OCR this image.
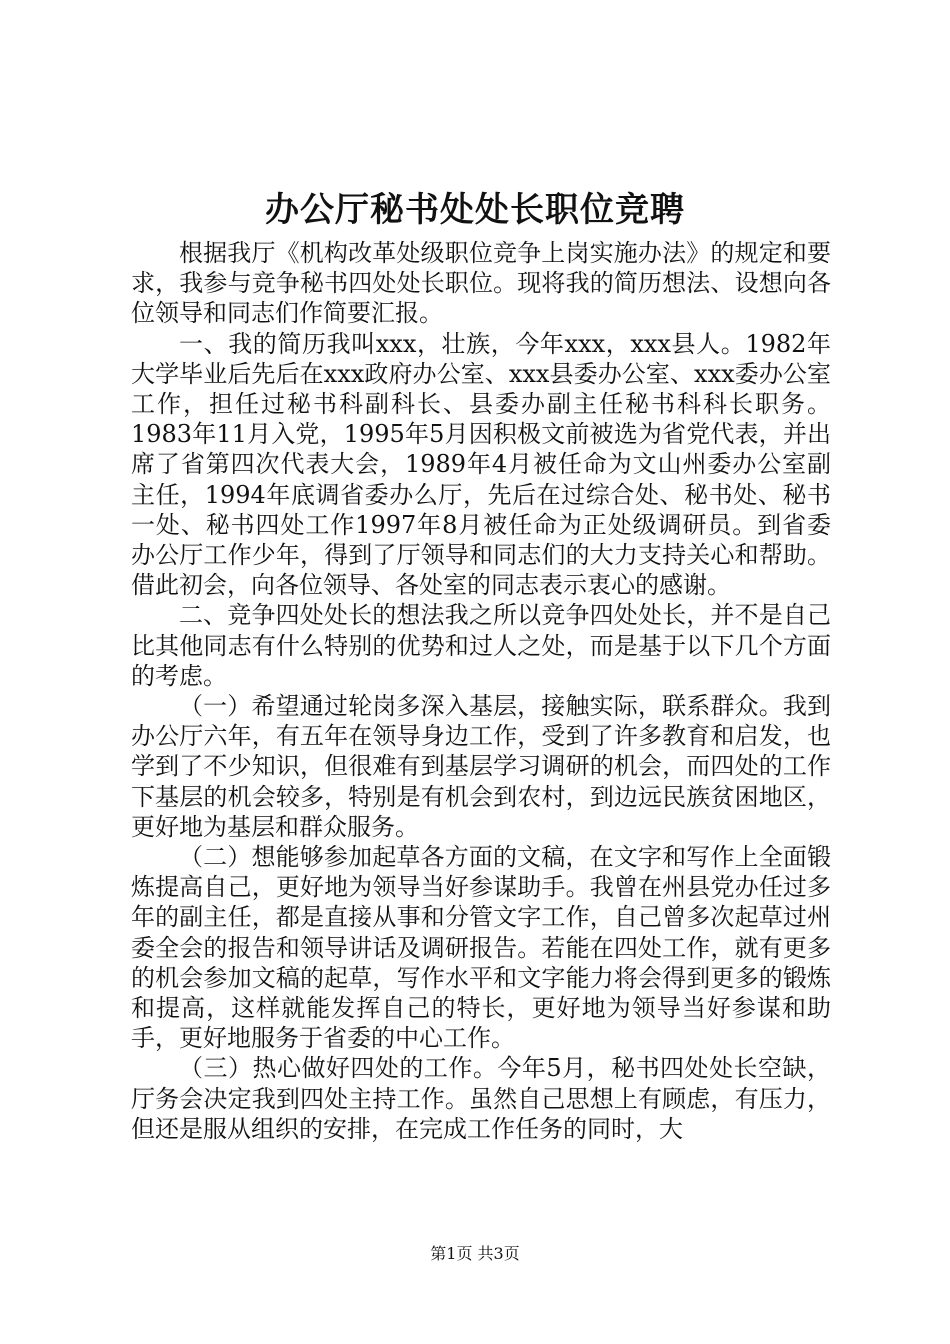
办公厅秘书处处长职位竞聘

根据我厅《机构改革处级职位竞争上岗实施办法》的规定和要求，我参与竞争秘书四处处长职位。现将我的简历想法、设想向各位领导和同志们作简要汇报。

一、我的简历我叫xxx，壮族，今年xxx，xxx县人。1982年大学毕业后先后在xxx政府办公室、xxx县委办公室、xxx委办公室工作，担任过秘书科副科长、县委办副主任秘书科科长职务。1983年11月入党，1995年5月因积极文前被选为省党代表，并出席了省第四次代表大会，1989年4月被任命为文山州委办公室副主任，1994年底调省委办么厅，先后在过综合处、秘书处、秘书一处、秘书四处工作1997年8月被任命为正处级调研员。到省委办公厅工作少年，得到了厅领导和同志们的大力支持关心和帮助。借此初会，向各位领导、各处室的同志表示衷心的感谢。

二、竞争四处处长的想法我之所以竞争四处处长，并不是自己比其他同志有什么特别的优势和过人之处，而是基于以下几个方面的考虑。

（一）希望通过轮岗多深入基层，接触实际，联系群众。我到办公厅六年，有五年在领导身边工作，受到了许多教育和启发，也学到了不少知识，但很难有到基层学习调研的机会，而四处的工作下基层的机会较多，特别是有机会到农村，到边远民族贫困地区，更好地为基层和群众服务。

（二）想能够参加起草各方面的文稿，在文字和写作上全面锻炼提高自己，更好地为领导当好参谋助手。我曾在州县党办任过多年的副主任，都是直接从事和分管文字工作，自己曾多次起草过州委全会的报告和领导讲话及调研报告。若能在四处工作，就有更多的机会参加文稿的起草，写作水平和文字能力将会得到更多的锻炼和提高，这样就能发挥自己的特长，更好地为领导当好参谋和助手，更好地服务于省委的中心工作。

（三）热心做好四处的工作。今年5月，秘书四处处长空缺，厅务会决定我到四处主持工作。虽然自己思想上有顾虑，有压力，但还是服从组织的安排，在完成工作任务的同时，大

第1页 共3页
